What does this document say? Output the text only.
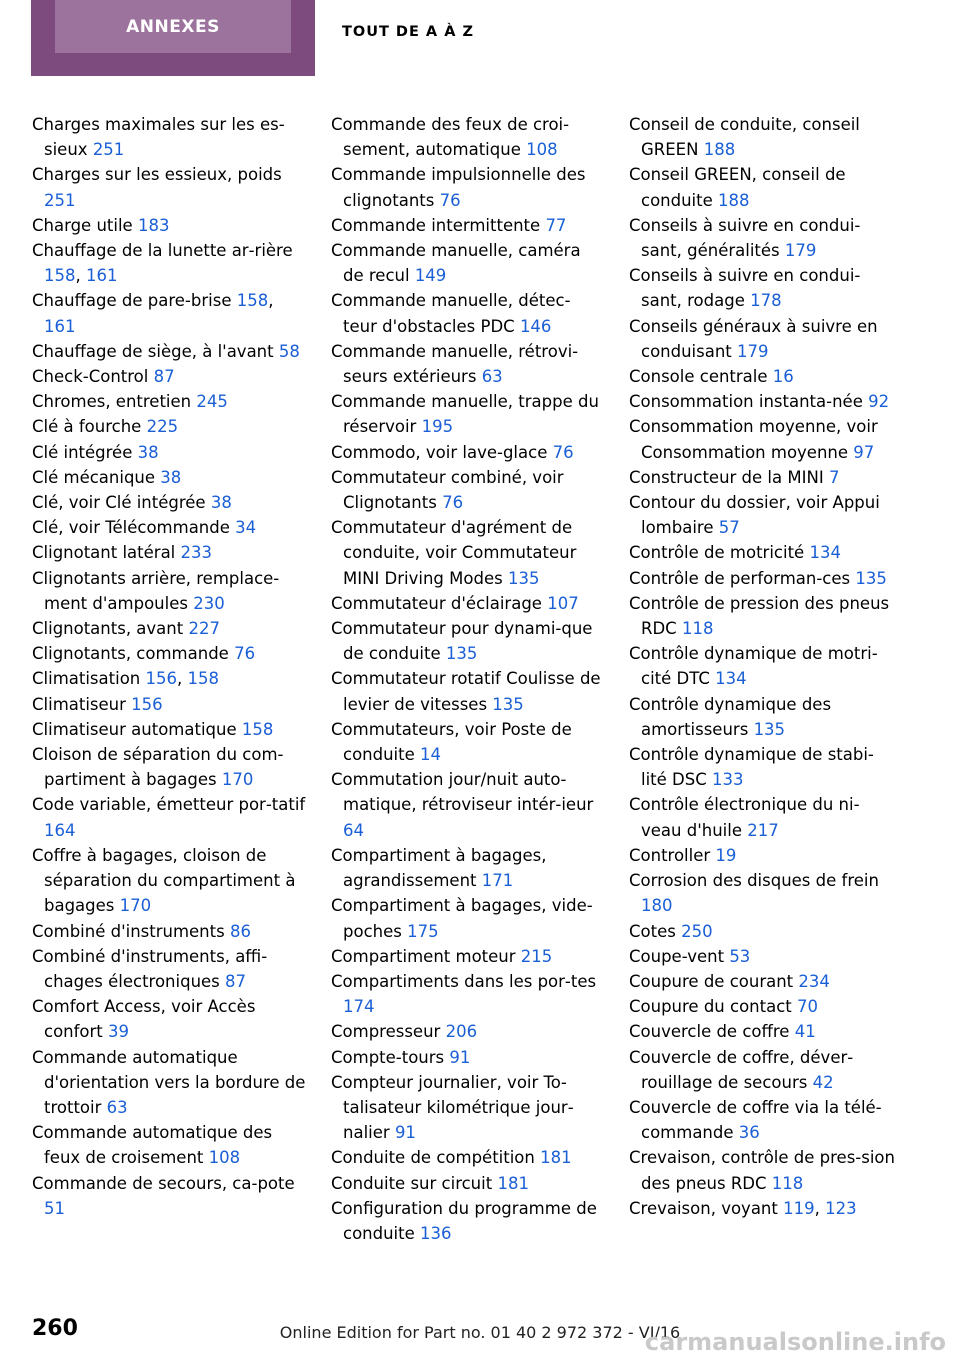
ANNEXES	TOUT DE A À Z
Charges maximales sur les es‐sieux 251
Charges sur les essieux, poids 251
Charge utile 183
Chauffage de la lunette ar‐rière 158, 161
Chauffage de pare‐brise 158, 161
Chauffage de siège, à l'avant 58
Check-Control 87
Chromes, entretien 245
Clé à fourche 225
Clé intégrée 38
Clé mécanique 38
Clé, voir Clé intégrée 38
Clé, voir Télécommande 34
Clignotant latéral 233
Clignotants arrière, remplace‐ment d'ampoules 230
Clignotants, avant 227
Clignotants, commande 76
Climatisation 156, 158
Climatiseur 156
Climatiseur automatique 158
Cloison de séparation du com‐partiment à bagages 170
Code variable, émetteur por‐tatif 164
Coffre à bagages, cloison de séparation du compartiment à bagages 170
Combiné d'instruments 86
Combiné d'instruments, affi‐chages électroniques 87
Comfort Access, voir Accès confort 39
Commande automatique d'orientation vers la bordure de trottoir 63
Commande automatique des feux de croisement 108
Commande de secours, ca‐pote 51
Commande des feux de croi‐sement, automatique 108
Commande impulsionnelle des clignotants 76
Commande intermittente 77
Commande manuelle, caméra de recul 149
Commande manuelle, détec‐teur d'obstacles PDC 146
Commande manuelle, rétrovi‐seurs extérieurs 63
Commande manuelle, trappe du réservoir 195
Commodo, voir lave-glace 76
Commutateur combiné, voir Clignotants 76
Commutateur d'agrément de conduite, voir Commutateur MINI Driving Modes 135
Commutateur d'éclairage 107
Commutateur pour dynami‐que de conduite 135
Commutateur rotatif Coulisse de levier de vitesses 135
Commutateurs, voir Poste de conduite 14
Commutation jour/nuit auto‐matique, rétroviseur intér‐ieur 64
Compartiment à bagages, agrandissement 171
Compartiment à bagages, vide-poches 175
Compartiment moteur 215
Compartiments dans les por‐tes 174
Compresseur 206
Compte-tours 91
Compteur journalier, voir To‐talisateur kilométrique jour‐nalier 91
Conduite de compétition 181
Conduite sur circuit 181
Configuration du programme de conduite 136
Conseil de conduite, conseil GREEN 188
Conseil GREEN, conseil de conduite 188
Conseils à suivre en condui‐sant, généralités 179
Conseils à suivre en condui‐sant, rodage 178
Conseils généraux à suivre en conduisant 179
Console centrale 16
Consommation instanta‐née 92
Consommation moyenne, voir Consommation moyenne 97
Constructeur de la MINI 7
Contour du dossier, voir Appui lombaire 57
Contrôle de motricité 134
Contrôle de performan‐ces 135
Contrôle de pression des pneus RDC 118
Contrôle dynamique de motri‐cité DTC 134
Contrôle dynamique des amortisseurs 135
Contrôle dynamique de stabi‐lité DSC 133
Contrôle électronique du ni‐veau d'huile 217
Controller 19
Corrosion des disques de frein 180
Cotes 250
Coupe-vent 53
Coupure de courant 234
Coupure du contact 70
Couvercle de coffre 41
Couvercle de coffre, déver‐rouillage de secours 42
Couvercle de coffre via la télé‐commande 36
Crevaison, contrôle de pres‐sion des pneus RDC 118
Crevaison, voyant 119, 123
260	Online Edition for Part no. 01 40 2 972 372 - VI/16
carmanualsonline.info
